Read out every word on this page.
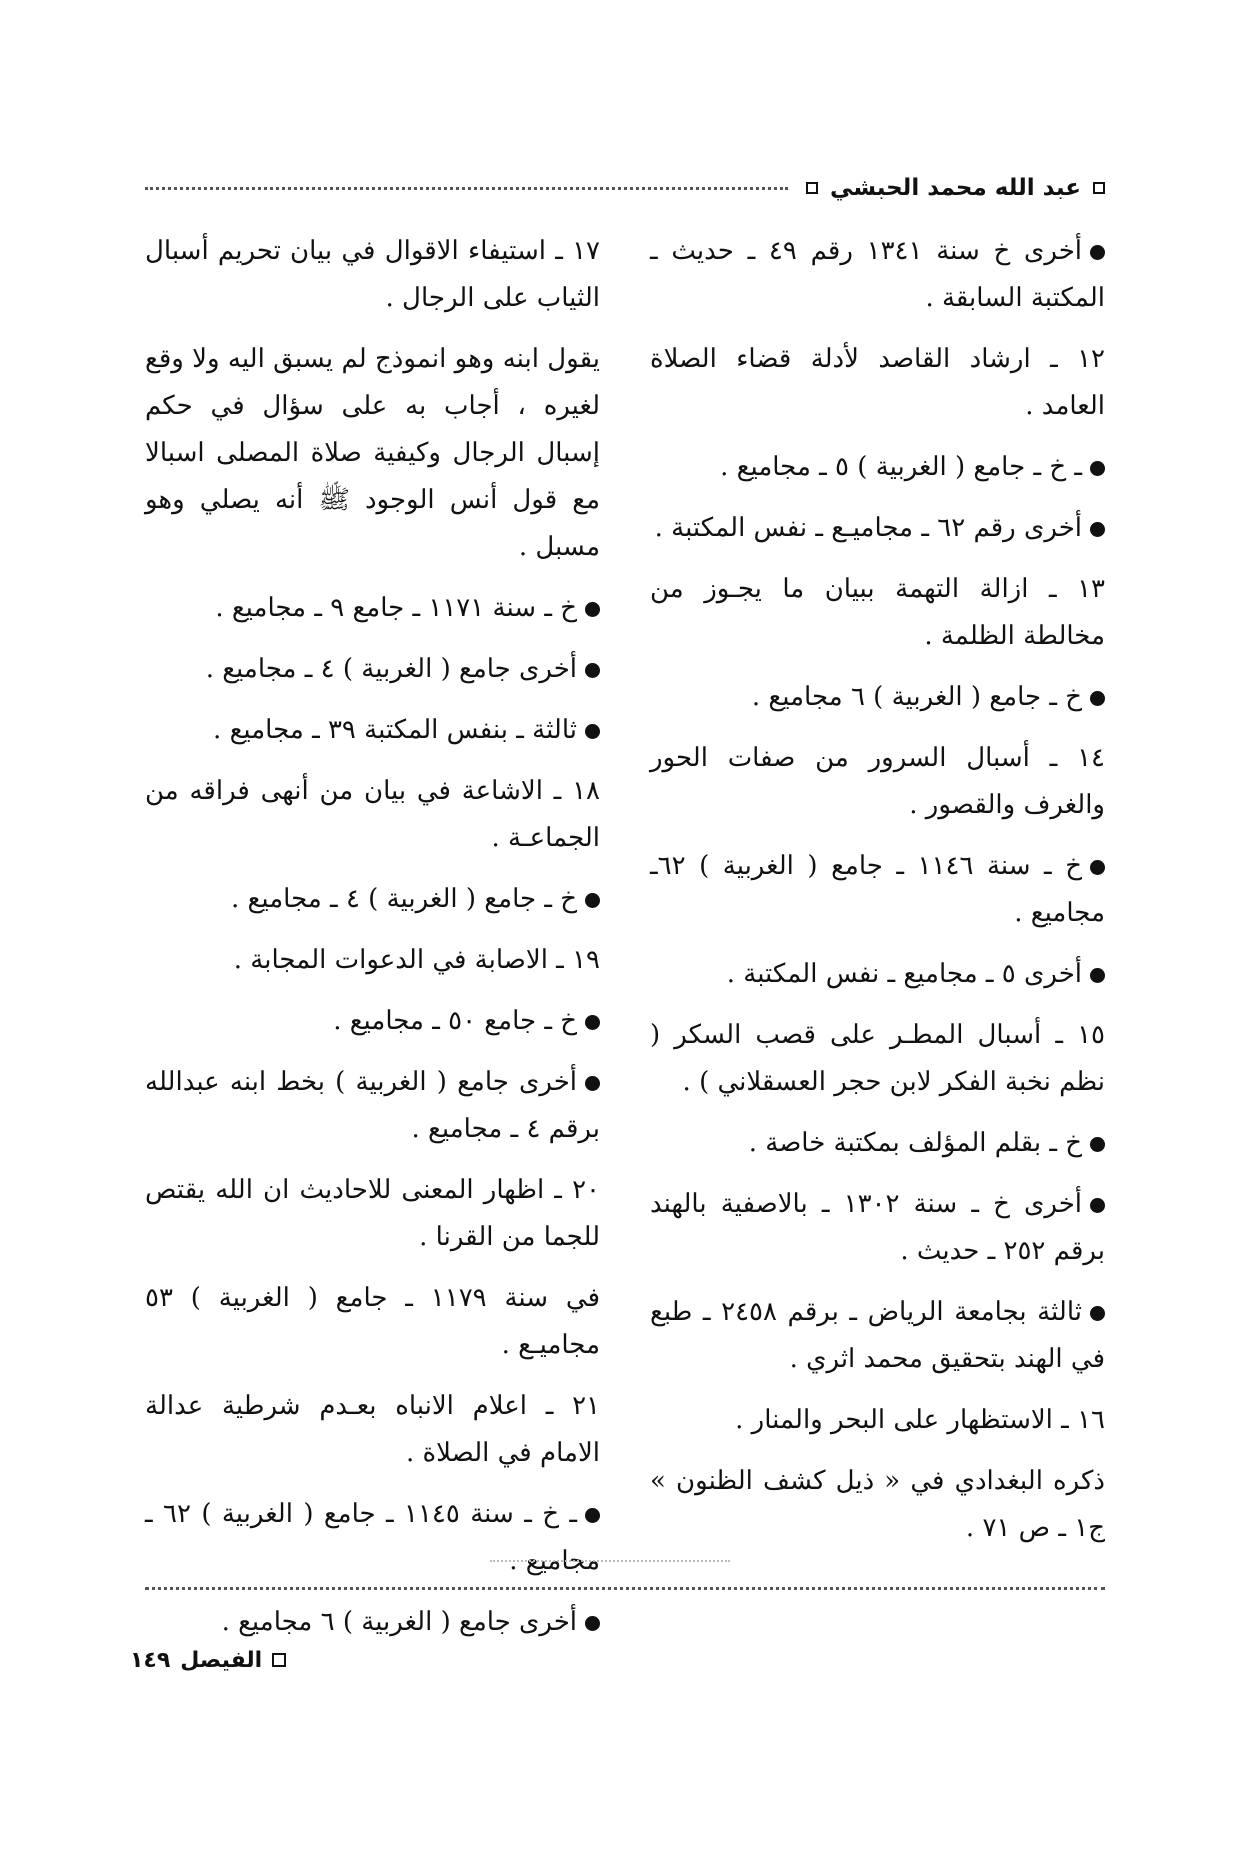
عبد الله محمد الحبشي

أخرى خ سنة ١٣٤١ رقم ٤٩ ـ حديث ـ المكتبة السابقة .

١٢ ـ ارشاد القاصد لأدلة قضاء الصلاة العامد .

ـ خ ـ جامع ( الغربية ) ٥ ـ مجاميع .

أخرى رقم ٦٢ ـ مجاميـع ـ نفس المكتبة .

١٣ ـ ازالة التهمة ببيان ما يجـوز من مخالطة الظلمة .

خ ـ جامع ( الغربية ) ٦ مجاميع .

١٤ ـ أسبال السرور من صفات الحور والغرف والقصور .

خ ـ سنة ١١٤٦ ـ جامع ( الغربية ) ٦٢ـ مجاميع .

أخرى ٥ ـ مجاميع ـ نفس المكتبة .

١٥ ـ أسبال المطـر على قصب السكر ( نظم نخبة الفكر لابن حجر العسقلاني ) .

خ ـ بقلم المؤلف بمكتبة خاصة .

أخرى خ ـ سنة ١٣٠٢ ـ بالاصفية بالهند برقم ٢٥٢ ـ حديث .

ثالثة بجامعة الرياض ـ برقم ٢٤٥٨ ـ طبع في الهند بتحقيق محمد اثري .

١٦ ـ الاستظهار على البحر والمنار .

ذكره البغدادي في « ذيل كشف الظنون » ج١ ـ ص ٧١ .

١٧ ـ استيفاء الاقوال في بيان تحريم أسبال الثياب على الرجال .

يقول ابنه وهو انموذج لم يسبق اليه ولا وقع لغيره ، أجاب به على سؤال في حكم إسبال الرجال وكيفية صلاة المصلى اسبالا مع قول أنس الوجود ﷺ أنه يصلي وهو مسبل .

خ ـ سنة ١١٧١ ـ جامع ٩ ـ مجاميع .

أخرى جامع ( الغربية ) ٤ ـ مجاميع .

ثالثة ـ بنفس المكتبة ٣٩ ـ مجاميع .

١٨ ـ الاشاعة في بيان من أنهى فراقه من الجماعـة .

خ ـ جامع ( الغربية ) ٤ ـ مجاميع .

١٩ ـ الاصابة في الدعوات المجابة .

خ ـ جامع ٥٠ ـ مجاميع .

أخرى جامع ( الغربية ) بخط ابنه عبدالله برقم ٤ ـ مجاميع .

٢٠ ـ اظهار المعنى للاحاديث ان الله يقتص للجما من القرنا .

في سنة ١١٧٩ ـ جامع ( الغربية ) ٥٣ مجاميـع .

٢١ ـ اعلام الانباه بعـدم شرطية عدالة الامام في الصلاة .

ـ خ ـ سنة ١١٤٥ ـ جامع ( الغربية ) ٦٢ ـ مجاميع .

أخرى جامع ( الغربية ) ٦ مجاميع .

الفيصل
١٤٩
